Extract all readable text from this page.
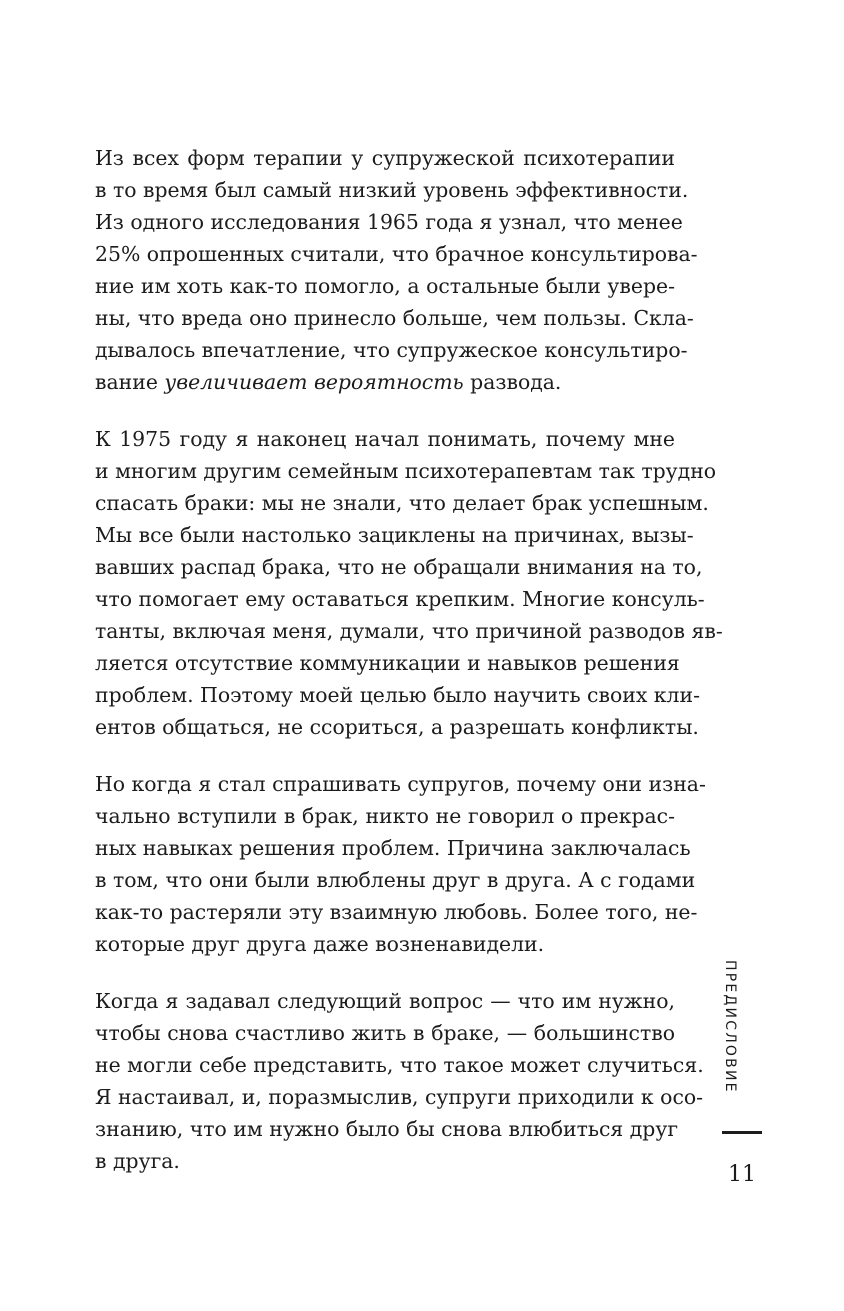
Из всех форм терапии у супружеской психотерапии
в то время был самый низкий уровень эффективности.
Из одного исследования 1965 года я узнал, что менее
25% опрошенных считали, что брачное консультирова-
ние им хоть как-то помогло, а остальные были уверe-
ны, что вреда оно принесло больше, чем пользы. Скла-
дывалось впечатление, что супружеское консультиро-
вание увеличивает вероятность развода.

К 1975 году я наконец начал понимать, почему мне
и многим другим семейным психотерапевтам так трудно
спасать браки: мы не знали, что делает брак успешным.
Мы все были настолько зациклены на причинах, вызы-
вавших распад брака, что не обращали внимания на то,
что помогает ему оставаться крепким. Многие консуль-
танты, включая меня, думали, что причиной разводов яв-
ляется отсутствие коммуникации и навыков решения
проблем. Поэтому моей целью было научить своих кли-
ентов общаться, не ссориться, а разрешать конфликты.

Но когда я стал спрашивать супругов, почему они изна-
чально вступили в брак, никто не говорил о прекрас-
ных навыках решения проблем. Причина заключалась
в том, что они были влюблены друг в друга. А с годами
как-то растеряли эту взаимную любовь. Более того, не-
которые друг друга даже возненавидели.

Когда я задавал следующий вопрос — что им нужно,
чтобы снова счастливо жить в браке, — большинство
не могли себе представить, что такое может случиться.
Я настаивал, и, поразмыслив, супруги приходили к осо-
знанию, что им нужно было бы снова влюбиться друг
в друга.

ПРЕДИСЛОВИЕ
11
